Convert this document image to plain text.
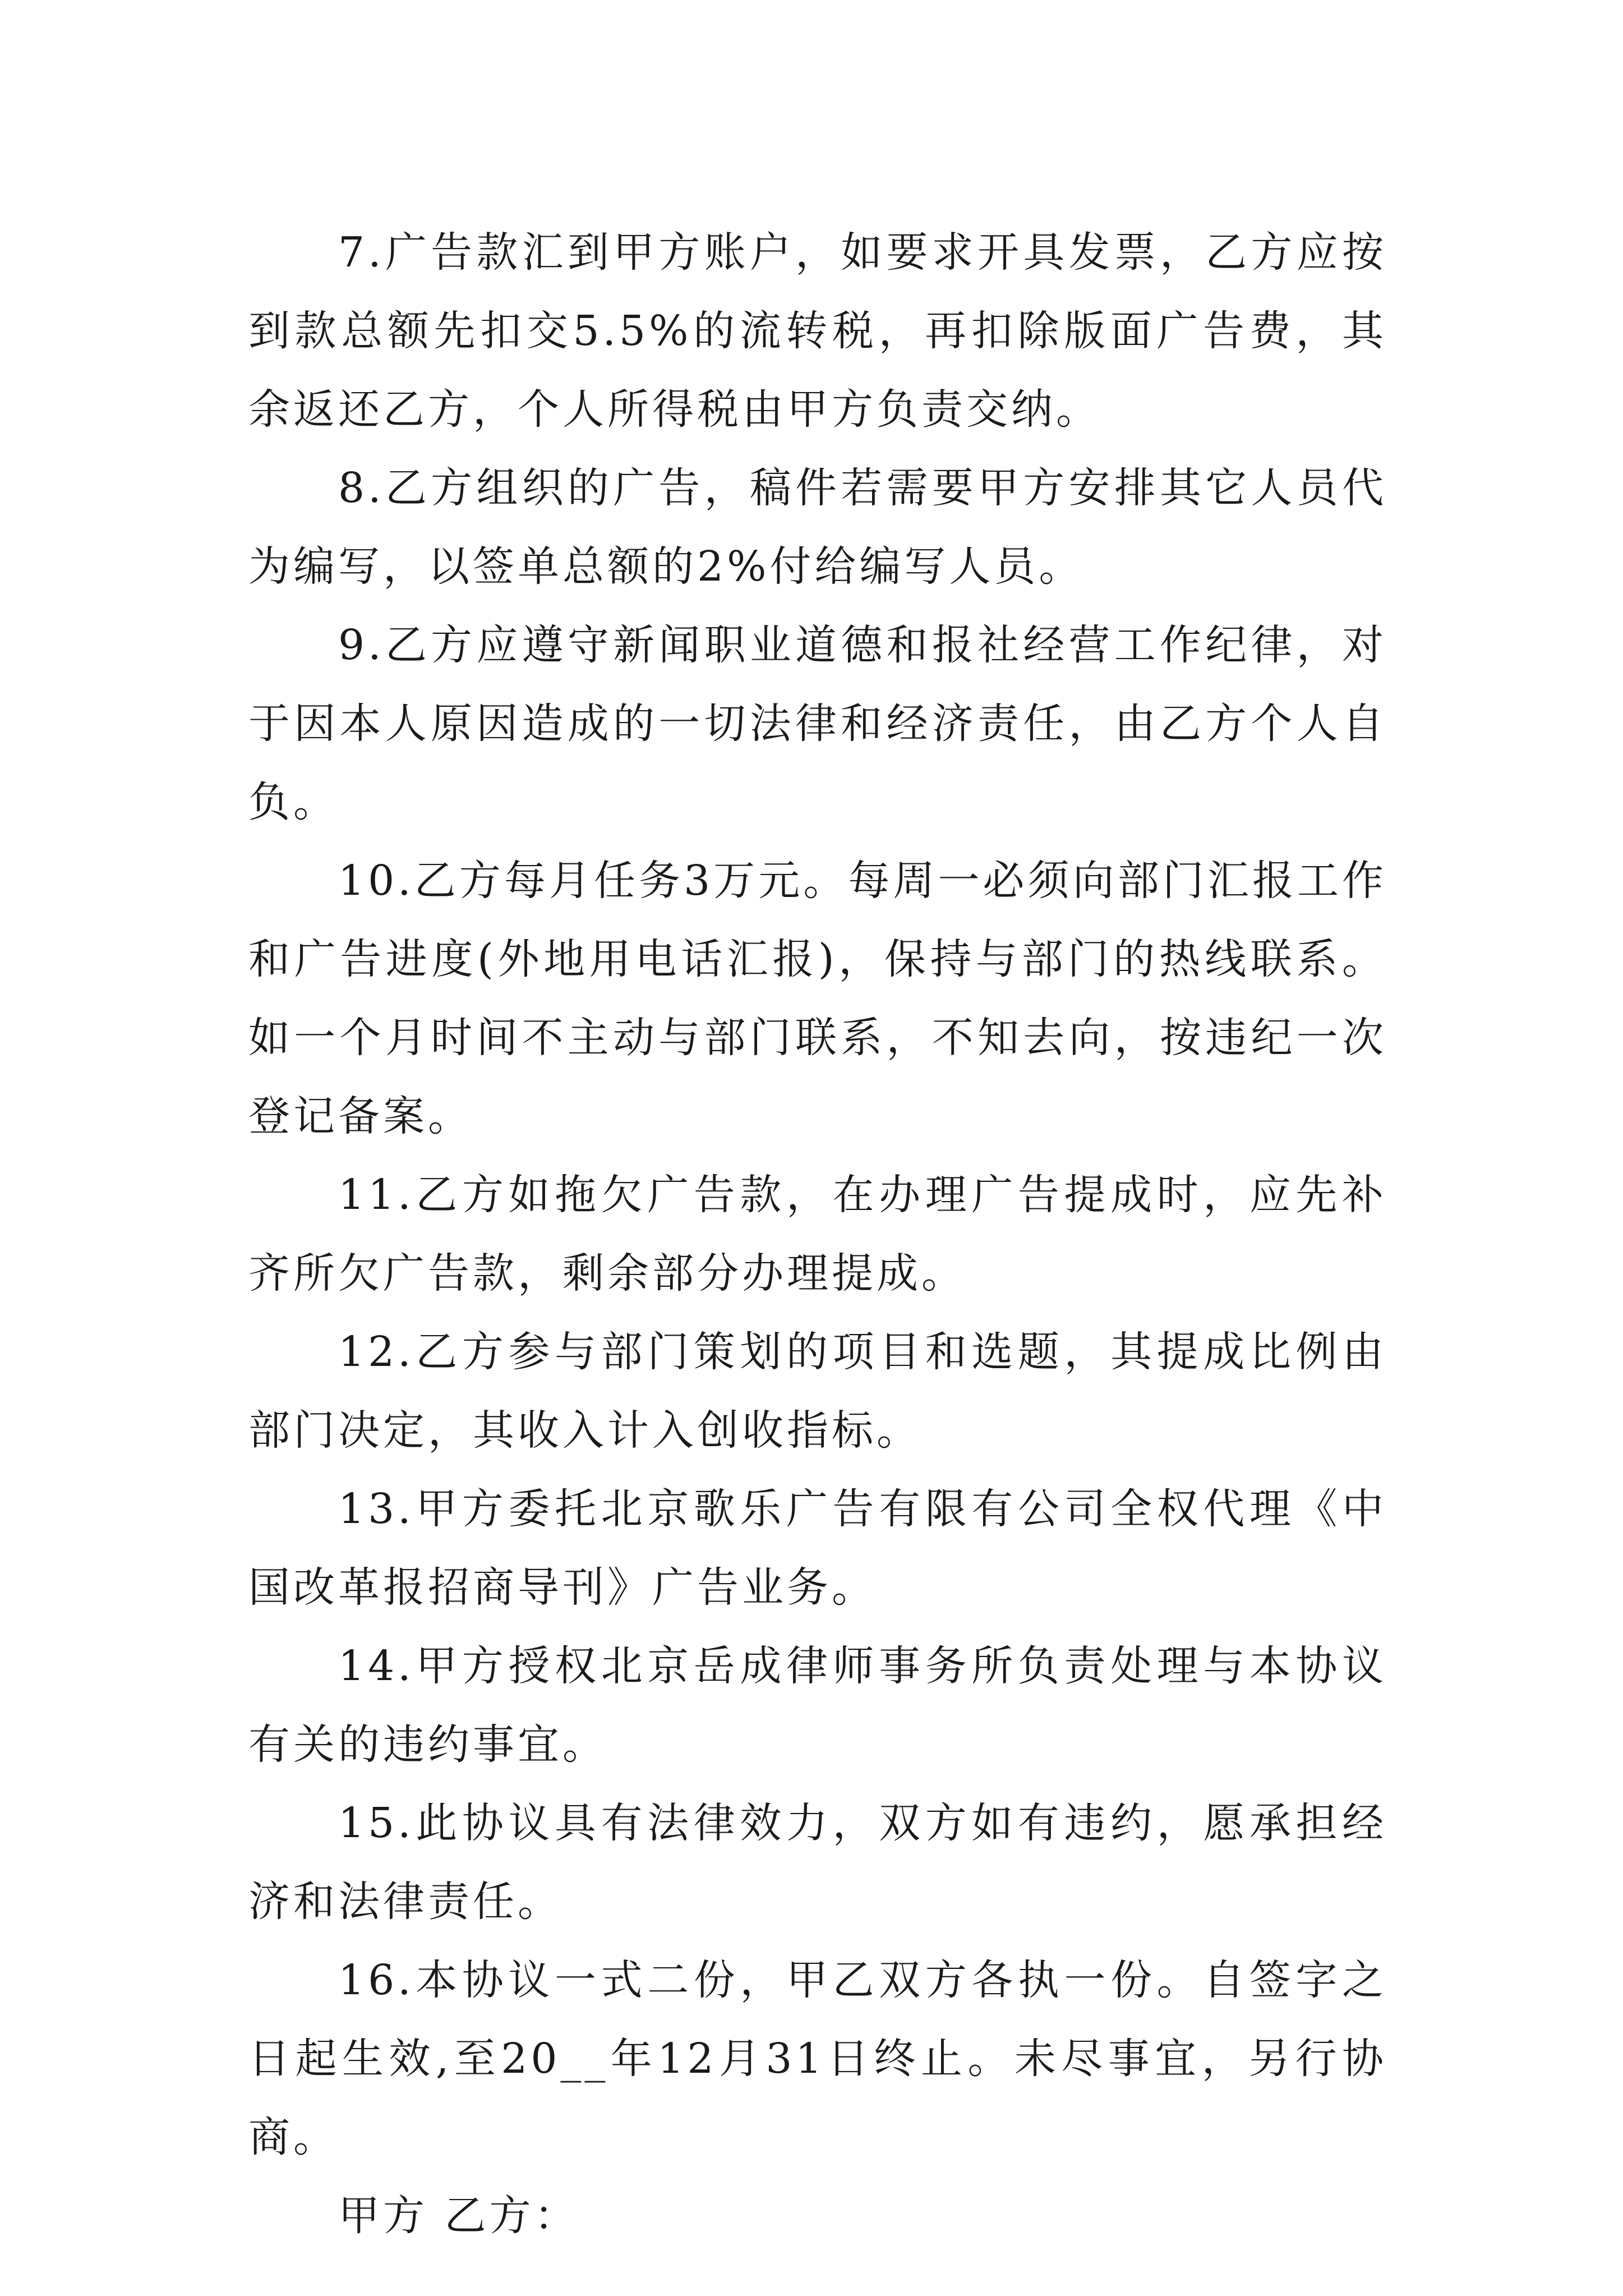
7.广告款汇到甲方账户，如要求开具发票，乙方应按到款总额先扣交5.5%的流转税，再扣除版面广告费，其余返还乙方，个人所得税由甲方负责交纳。

8.乙方组织的广告，稿件若需要甲方安排其它人员代为编写，以签单总额的2%付给编写人员。

9.乙方应遵守新闻职业道德和报社经营工作纪律，对于因本人原因造成的一切法律和经济责任，由乙方个人自负。

10.乙方每月任务3万元。每周一必须向部门汇报工作和广告进度(外地用电话汇报)，保持与部门的热线联系。如一个月时间不主动与部门联系，不知去向，按违纪一次登记备案。

11.乙方如拖欠广告款，在办理广告提成时，应先补齐所欠广告款，剩余部分办理提成。

12.乙方参与部门策划的项目和选题，其提成比例由部门决定，其收入计入创收指标。

13.甲方委托北京歌乐广告有限有公司全权代理《中国改革报招商导刊》广告业务。

14.甲方授权北京岳成律师事务所负责处理与本协议有关的违约事宜。

15.此协议具有法律效力，双方如有违约，愿承担经济和法律责任。

16.本协议一式二份，甲乙双方各执一份。自签字之日起生效,至20__年12月31日终止。未尽事宜，另行协商。

甲方 乙方：
